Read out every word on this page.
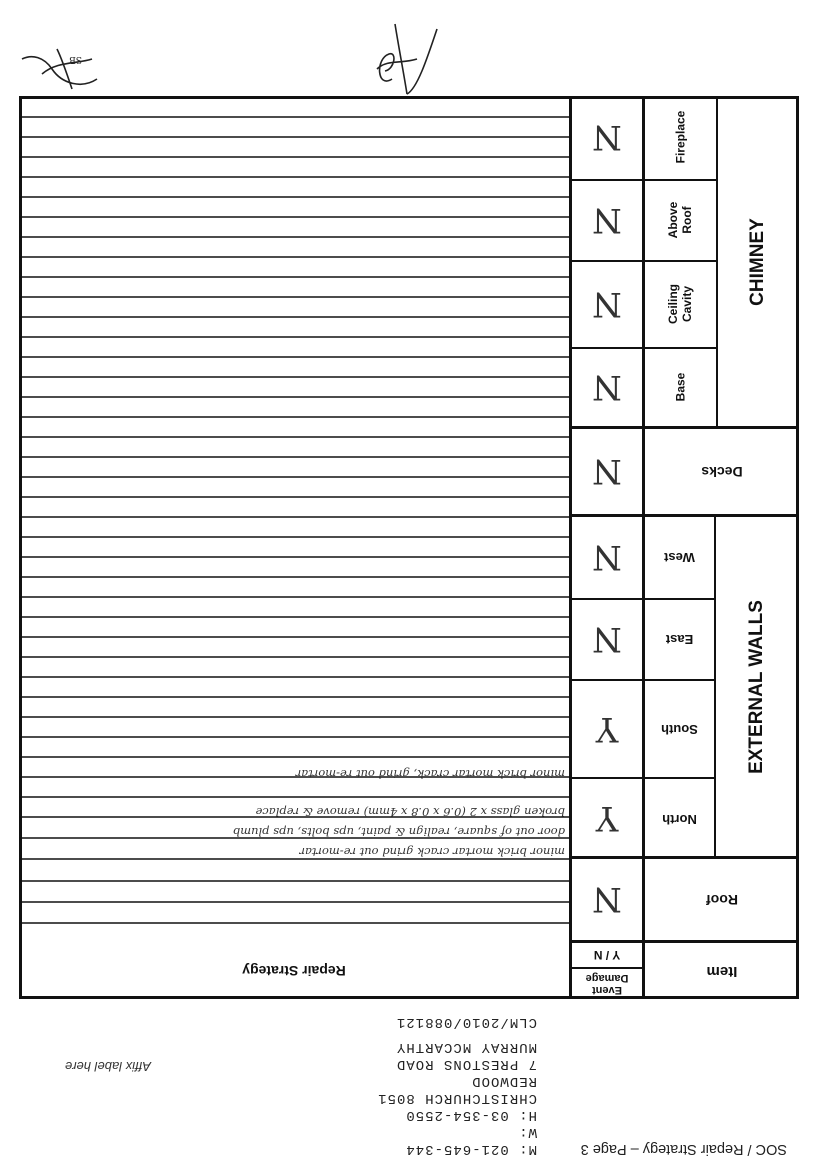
SOC / Repair Strategy – Page 3
M: 021-645-344
W:
H: 03-354-2550
CHRISTCHURCH 8051
REDWOOD
7 PRESTONS ROAD
MURRAY MCCARTHY
CLM/2010/088121
Affix label here
Item
Event Damage
Y / N
Repair Strategy
EXTERNAL WALLS
CHIMNEY
Roof
North
South
East
West
Decks
Base
Ceiling Cavity
Above Roof
Fireplace
N
Y
Y
N
N
N
N
N
N
N
minor brick mortar crack grind out re-mortar
door out of square, realign & paint, ups bolts, ups plumb
broken glass x 2 (0.6 x 0.8 x 4mm) remove & replace
minor brick mortar crack, grind out re-mortar
SB
